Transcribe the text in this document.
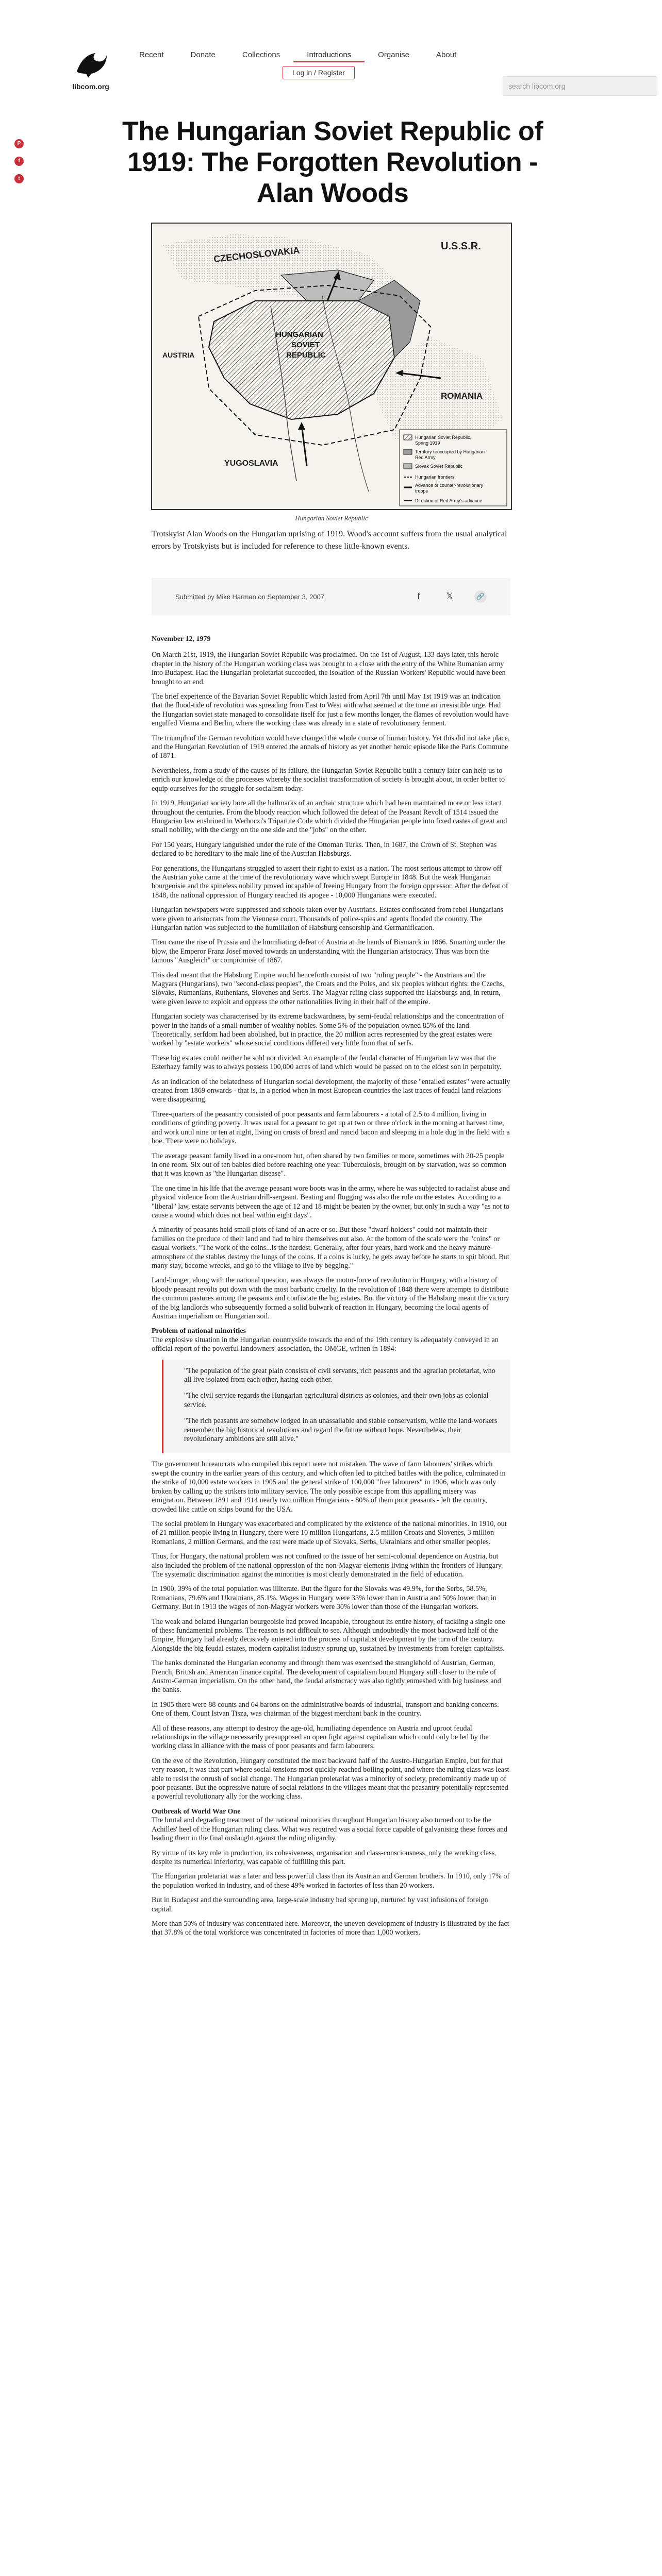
libcom.org
Recent	Donate	Collections	Introductions	Organise	About
Log in / Register
search libcom.org
P
f
t
The Hungarian Soviet Republic of 1919: The Forgotten Revolution - Alan Woods
CZECHOSLOVAKIA	U.S.S.R.
HUNGARIAN
SOVIET
REPUBLIC
ROMANIA
YUGOSLAVIA
AUSTRIA
Hungarian Soviet Republic,
Spring 1919
Territory reoccupied by Hungarian
Red Army
Slovak Soviet Republic
Hungarian frontiers
Advance of counter-revolutionary
troops
Direction of Red Army's advance
Hungarian Soviet Republic
Trotskyist Alan Woods on the Hungarian uprising of 1919. Wood's account suffers from the usual analytical errors by Trotskyists but is included for reference to these little-known events.
Submitted by Mike Harman on September 3, 2007	f	𝕏	🔗
November 12, 1979

On March 21st, 1919, the Hungarian Soviet Republic was proclaimed. On the 1st of August, 133 days later, this heroic chapter in the history of the Hungarian working class was brought to a close with the entry of the White Rumanian army into Budapest. Had the Hungarian proletariat succeeded, the isolation of the Russian Workers' Republic would have been brought to an end.

The brief experience of the Bavarian Soviet Republic which lasted from April 7th until May 1st 1919 was an indication that the flood-tide of revolution was spreading from East to West with what seemed at the time an irresistible urge. Had the Hungarian soviet state managed to consolidate itself for just a few months longer, the flames of revolution would have engulfed Vienna and Berlin, where the working class was already in a state of revolutionary ferment.

The triumph of the German revolution would have changed the whole course of human history. Yet this did not take place, and the Hungarian Revolution of 1919 entered the annals of history as yet another heroic episode like the Paris Commune of 1871.

Nevertheless, from a study of the causes of its failure, the Hungarian Soviet Republic built a century later can help us to enrich our knowledge of the processes whereby the socialist transformation of society is brought about, in order better to equip ourselves for the struggle for socialism today.

In 1919, Hungarian society bore all the hallmarks of an archaic structure which had been maintained more or less intact throughout the centuries. From the bloody reaction which followed the defeat of the Peasant Revolt of 1514 issued the Hungarian law enshrined in Werboczi's Tripartite Code which divided the Hungarian people into fixed castes of great and small nobility, with the clergy on the one side and the "jobs" on the other.

For 150 years, Hungary languished under the rule of the Ottoman Turks. Then, in 1687, the Crown of St. Stephen was declared to be hereditary to the male line of the Austrian Habsburgs.

For generations, the Hungarians struggled to assert their right to exist as a nation. The most serious attempt to throw off the Austrian yoke came at the time of the revolutionary wave which swept Europe in 1848. But the weak Hungarian bourgeoisie and the spineless nobility proved incapable of freeing Hungary from the foreign oppressor. After the defeat of 1848, the national oppression of Hungary reached its apogee - 10,000 Hungarians were executed.

Hungarian newspapers were suppressed and schools taken over by Austrians. Estates confiscated from rebel Hungarians were given to aristocrats from the Viennese court. Thousands of police-spies and agents flooded the country. The Hungarian nation was subjected to the humiliation of Habsburg censorship and Germanification.

Then came the rise of Prussia and the humiliating defeat of Austria at the hands of Bismarck in 1866. Smarting under the blow, the Emperor Franz Josef moved towards an understanding with the Hungarian aristocracy. Thus was born the famous "Ausgleich" or compromise of 1867.

This deal meant that the Habsburg Empire would henceforth consist of two "ruling people" - the Austrians and the Magyars (Hungarians), two "second-class peoples", the Croats and the Poles, and six peoples without rights: the Czechs, Slovaks, Rumanians, Ruthenians, Slovenes and Serbs. The Magyar ruling class supported the Habsburgs and, in return, were given leave to exploit and oppress the other nationalities living in their half of the empire.

Hungarian society was characterised by its extreme backwardness, by semi-feudal relationships and the concentration of power in the hands of a small number of wealthy nobles. Some 5% of the population owned 85% of the land. Theoretically, serfdom had been abolished, but in practice, the 20 million acres represented by the great estates were worked by "estate workers" whose social conditions differed very little from that of serfs.

These big estates could neither be sold nor divided. An example of the feudal character of Hungarian law was that the Esterhazy family was to always possess 100,000 acres of land which would be passed on to the eldest son in perpetuity.

As an indication of the belatedness of Hungarian social development, the majority of these "entailed estates" were actually created from 1869 onwards - that is, in a period when in most European countries the last traces of feudal land relations were disappearing.

Three-quarters of the peasantry consisted of poor peasants and farm labourers - a total of 2.5 to 4 million, living in conditions of grinding poverty. It was usual for a peasant to get up at two or three o'clock in the morning at harvest time, and work until nine or ten at night, living on crusts of bread and rancid bacon and sleeping in a hole dug in the field with a hoe. There were no holidays.

The average peasant family lived in a one-room hut, often shared by two families or more, sometimes with 20-25 people in one room. Six out of ten babies died before reaching one year. Tuberculosis, brought on by starvation, was so common that it was known as "the Hungarian disease".

The one time in his life that the average peasant wore boots was in the army, where he was subjected to racialist abuse and physical violence from the Austrian drill-sergeant. Beating and flogging was also the rule on the estates. According to a "liberal" law, estate servants between the age of 12 and 18 might be beaten by the owner, but only in such a way "as not to cause a wound which does not heal within eight days".

A minority of peasants held small plots of land of an acre or so. But these "dwarf-holders" could not maintain their families on the produce of their land and had to hire themselves out also. At the bottom of the scale were the "coins" or casual workers. "The work of the coins...is the hardest. Generally, after four years, hard work and the heavy manure-atmosphere of the stables destroy the lungs of the coins. If a coins is lucky, he gets away before he starts to spit blood. But many stay, become wrecks, and go to the village to live by begging."

Land-hunger, along with the national question, was always the motor-force of revolution in Hungary, with a history of bloody peasant revolts put down with the most barbaric cruelty. In the revolution of 1848 there were attempts to distribute the common pastures among the peasants and confiscate the big estates. But the victory of the Habsburg meant the victory of the big landlords who subsequently formed a solid bulwark of reaction in Hungary, becoming the local agents of Austrian imperialism on Hungarian soil.

Problem of national minorities

The explosive situation in the Hungarian countryside towards the end of the 19th century is adequately conveyed in an official report of the powerful landowners' association, the OMGE, written in 1894:

"The population of the great plain consists of civil servants, rich peasants and the agrarian proletariat, who all live isolated from each other, hating each other.

"The civil service regards the Hungarian agricultural districts as colonies, and their own jobs as colonial service.

"The rich peasants are somehow lodged in an unassailable and stable conservatism, while the land-workers remember the big historical revolutions and regard the future without hope. Nevertheless, their revolutionary ambitions are still alive."

The government bureaucrats who compiled this report were not mistaken. The wave of farm labourers' strikes which swept the country in the earlier years of this century, and which often led to pitched battles with the police, culminated in the strike of 10,000 estate workers in 1905 and the general strike of 100,000 "free labourers" in 1906, which was only broken by calling up the strikers into military service. The only possible escape from this appalling misery was emigration. Between 1891 and 1914 nearly two million Hungarians - 80% of them poor peasants - left the country, crowded like cattle on ships bound for the USA.

The social problem in Hungary was exacerbated and complicated by the existence of the national minorities. In 1910, out of 21 million people living in Hungary, there were 10 million Hungarians, 2.5 million Croats and Slovenes, 3 million Romanians, 2 million Germans, and the rest were made up of Slovaks, Serbs, Ukrainians and other smaller peoples.

Thus, for Hungary, the national problem was not confined to the issue of her semi-colonial dependence on Austria, but also included the problem of the national oppression of the non-Magyar elements living within the frontiers of Hungary. The systematic discrimination against the minorities is most clearly demonstrated in the field of education.

In 1900, 39% of the total population was illiterate. But the figure for the Slovaks was 49.9%, for the Serbs, 58.5%, Romanians, 79.6% and Ukrainians, 85.1%. Wages in Hungary were 33% lower than in Austria and 50% lower than in Germany. But in 1913 the wages of non-Magyar workers were 30% lower than those of the Hungarian workers.

The weak and belated Hungarian bourgeoisie had proved incapable, throughout its entire history, of tackling a single one of these fundamental problems. The reason is not difficult to see. Although undoubtedly the most backward half of the Empire, Hungary had already decisively entered into the process of capitalist development by the turn of the century. Alongside the big feudal estates, modern capitalist industry sprung up, sustained by investments from foreign capitalists.

The banks dominated the Hungarian economy and through them was exercised the stranglehold of Austrian, German, French, British and American finance capital. The development of capitalism bound Hungary still closer to the rule of Austro-German imperialism. On the other hand, the feudal aristocracy was also tightly enmeshed with big business and the banks.

In 1905 there were 88 counts and 64 barons on the administrative boards of industrial, transport and banking concerns. One of them, Count Istvan Tisza, was chairman of the biggest merchant bank in the country.

All of these reasons, any attempt to destroy the age-old, humiliating dependence on Austria and uproot feudal relationships in the village necessarily presupposed an open fight against capitalism which could only be led by the working class in alliance with the mass of poor peasants and farm labourers.

On the eve of the Revolution, Hungary constituted the most backward half of the Austro-Hungarian Empire, but for that very reason, it was that part where social tensions most quickly reached boiling point, and where the ruling class was least able to resist the onrush of social change. The Hungarian proletariat was a minority of society, predominantly made up of poor peasants. But the oppressive nature of social relations in the villages meant that the peasantry potentially represented a powerful revolutionary ally for the working class.

Outbreak of World War One

The brutal and degrading treatment of the national minorities throughout Hungarian history also turned out to be the Achilles' heel of the Hungarian ruling class. What was required was a social force capable of galvanising these forces and leading them in the final onslaught against the ruling oligarchy.

By virtue of its key role in production, its cohesiveness, organisation and class-consciousness, only the working class, despite its numerical inferiority, was capable of fulfilling this part.

The Hungarian proletariat was a later and less powerful class than its Austrian and German brothers. In 1910, only 17% of the population worked in industry, and of these 49% worked in factories of less than 20 workers.

But in Budapest and the surrounding area, large-scale industry had sprung up, nurtured by vast infusions of foreign capital.

More than 50% of industry was concentrated here. Moreover, the uneven development of industry is illustrated by the fact that 37.8% of the total workforce was concentrated in factories of more than 1,000 workers.
